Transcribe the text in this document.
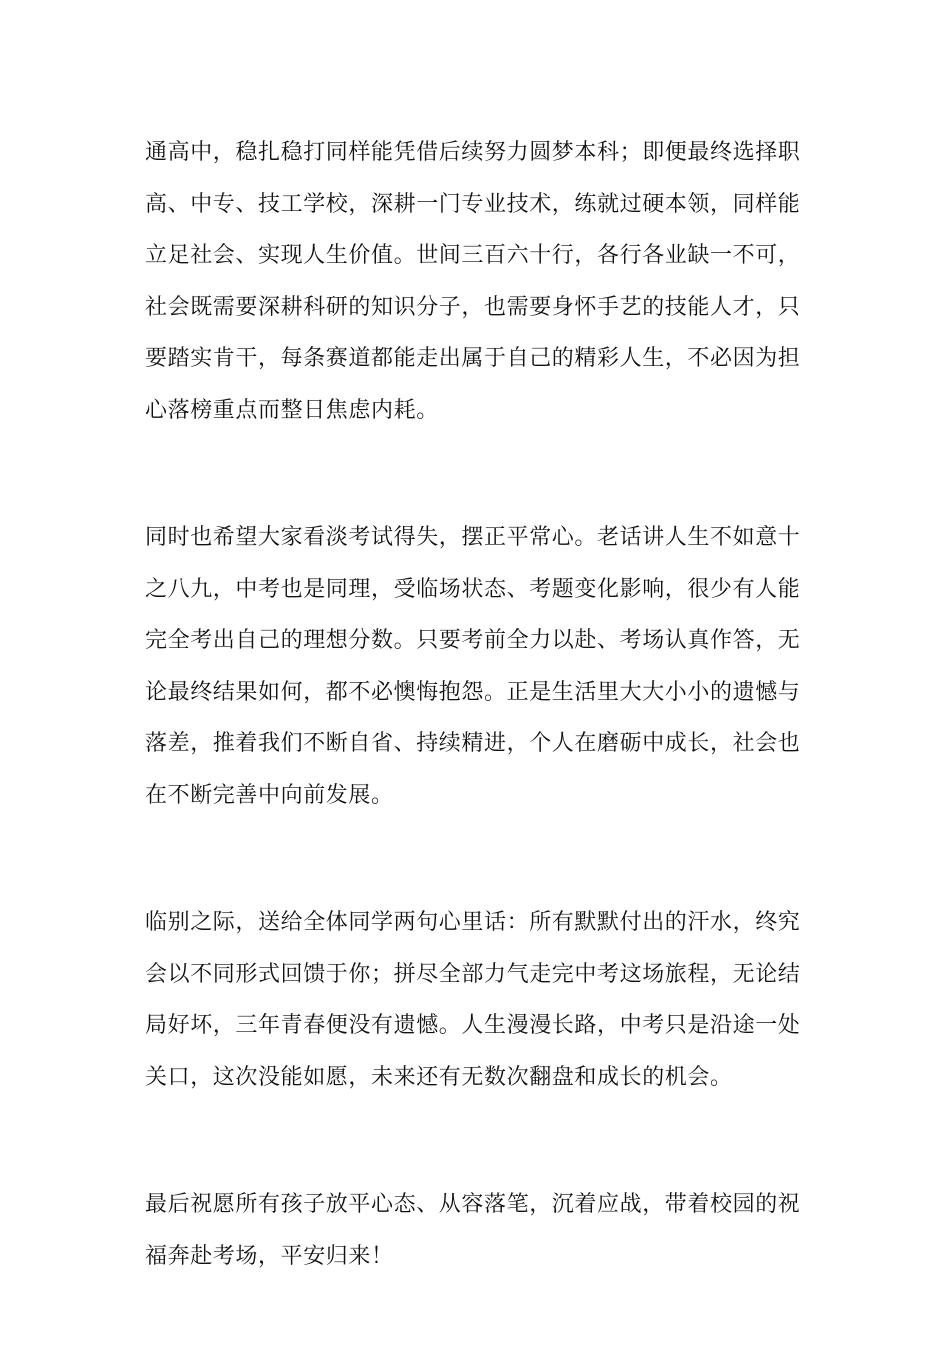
通高中，稳扎稳打同样能凭借后续努力圆梦本科；即便最终选择职
高、中专、技工学校，深耕一门专业技术，练就过硬本领，同样能
立足社会、实现人生价值。世间三百六十行，各行各业缺一不可，
社会既需要深耕科研的知识分子，也需要身怀手艺的技能人才，只
要踏实肯干，每条赛道都能走出属于自己的精彩人生，不必因为担
心落榜重点而整日焦虑内耗。

同时也希望大家看淡考试得失，摆正平常心。老话讲人生不如意十
之八九，中考也是同理，受临场状态、考题变化影响，很少有人能
完全考出自己的理想分数。只要考前全力以赴、考场认真作答，无
论最终结果如何，都不必懊悔抱怨。正是生活里大大小小的遗憾与
落差，推着我们不断自省、持续精进，个人在磨砺中成长，社会也
在不断完善中向前发展。

临别之际，送给全体同学两句心里话：所有默默付出的汗水，终究
会以不同形式回馈于你；拼尽全部力气走完中考这场旅程，无论结
局好坏，三年青春便没有遗憾。人生漫漫长路，中考只是沿途一处
关口，这次没能如愿，未来还有无数次翻盘和成长的机会。

最后祝愿所有孩子放平心态、从容落笔，沉着应战，带着校园的祝
福奔赴考场，平安归来！
